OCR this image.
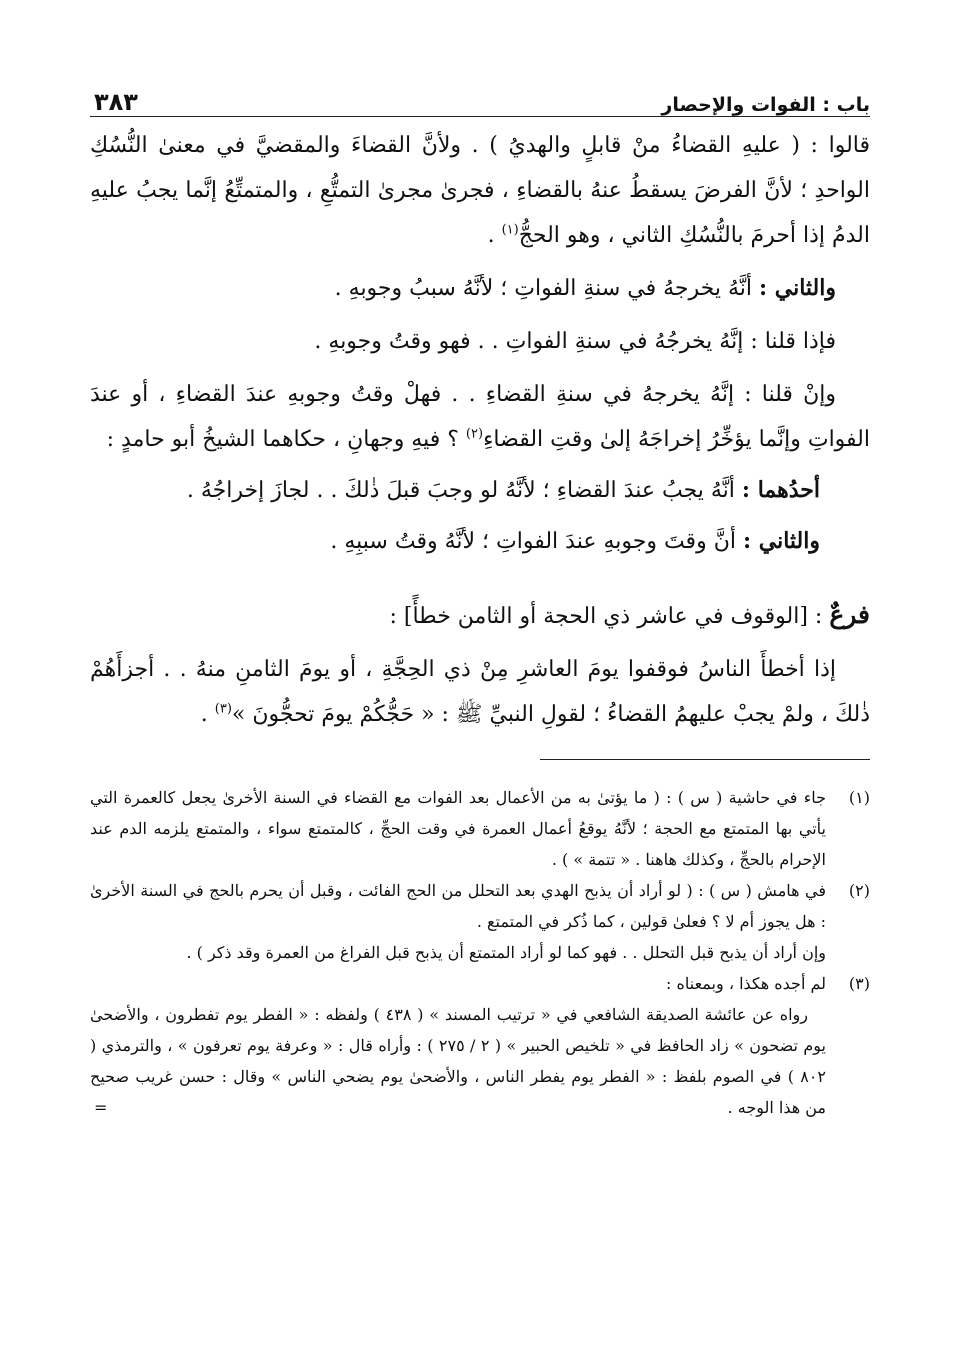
باب : الفوات والإحصار
٣٨٣

قالوا : ( عليهِ القضاءُ منْ قابلٍ والهديُ ) . ولأنَّ القضاءَ والمقضيَّ في معنىٰ النُّسُكِ الواحدِ ؛ لأنَّ الفرضَ يسقطُ عنهُ بالقضاءِ ، فجرىٰ مجرىٰ التمتُّعِ ، والمتمتِّعُ إنَّما يجبُ عليهِ الدمُ إذا أحرمَ بالنُّسُكِ الثاني ، وهو الحجُّ$^{(١)}$ .

والثاني : أنَّهُ يخرجهُ في سنةِ الفواتِ ؛ لأنَّهُ سببُ وجوبهِ .

فإذا قلنا : إنَّهُ يخرجُهُ في سنةِ الفواتِ . . فهو وقتُ وجوبهِ .

وإنْ قلنا : إنَّهُ يخرجهُ في سنةِ القضاءِ . . فهلْ وقتُ وجوبهِ عندَ القضاءِ ، أو عندَ الفواتِ وإنَّما يؤخِّرُ إخراجَهُ إلىٰ وقتِ القضاءِ$^{(٢)}$ ؟ فيهِ وجهانِ ، حكاهما الشيخُ أبو حامدٍ :

أحدُهما : أنَّهُ يجبُ عندَ القضاءِ ؛ لأنَّهُ لو وجبَ قبلَ ذٰلكَ . . لجازَ إخراجُهُ .

والثاني : أنَّ وقتَ وجوبهِ عندَ الفواتِ ؛ لأنَّهُ وقتُ سببِهِ .

فرعٌ : [الوقوف في عاشر ذي الحجة أو الثامن خطأً] :

إذا أخطأَ الناسُ فوقفوا يومَ العاشرِ مِنْ ذي الحِجَّةِ ، أو يومَ الثامنِ منهُ . . أجزأَهُمْ ذٰلكَ ، ولمْ يجبْ عليهمُ القضاءُ ؛ لقولِ النبيِّ ﷺ : « حَجُّكُمْ يومَ تحجُّونَ »$^{(٣)}$ .

(١)

جاء في حاشية ( س ) : ( ما يؤتىٰ به من الأعمال بعد الفوات مع القضاء في السنة الأخرىٰ يجعل كالعمرة التي يأتي بها المتمتع مع الحجة ؛ لأنَّهُ يوقعُ أعمال العمرة في وقت الحجِّ ، كالمتمتع سواء ، والمتمتع يلزمه الدم عند الإحرام بالحجِّ ، وكذلك هاهنا . « تتمة » ) .

(٢)

في هامش ( س ) : ( لو أراد أن يذبح الهدي بعد التحلل من الحج الفائت ، وقبل أن يحرم بالحج في السنة الأخرىٰ : هل يجوز أم لا ؟ فعلىٰ قولين ، كما ذُكر في المتمتع .

وإن أراد أن يذبح قبل التحلل . . فهو كما لو أراد المتمتع أن يذبح قبل الفراغ من العمرة وقد ذكر ) .

(٣)

لم أجده هكذا ، وبمعناه :

رواه عن عائشة الصديقة الشافعي في « ترتيب المسند » ( ٤٣٨ ) ولفظه : « الفطر يوم تفطرون ، والأضحىٰ يوم تضحون » زاد الحافظ في « تلخيص الحبير » ( ٢ / ٢٧٥ ) : وأراه قال : « وعرفة يوم تعرفون » ، والترمذي ( ٨٠٢ ) في الصوم بلفظ : « الفطر يوم يفطر الناس ، والأضحىٰ يوم يضحي الناس » وقال : حسن غريب صحيح من هذا الوجه .

=
